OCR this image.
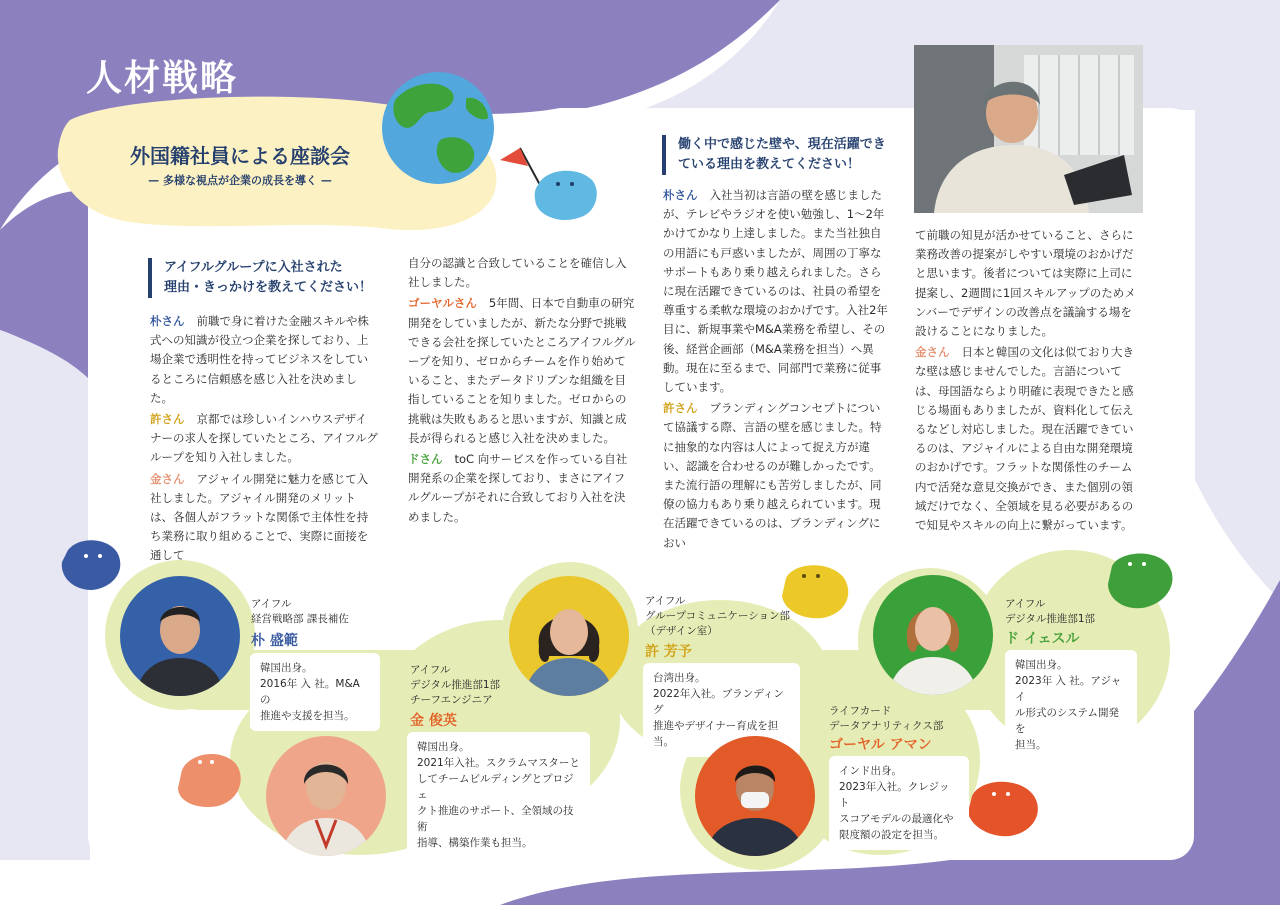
人材戦略
外国籍社員による座談会
— 多様な視点が企業の成長を導く —
アイフルグループに入社された
理由・きっかけを教えてください！

朴さん 前職で身に着けた金融スキルや株式への知識が役立つ企業を探しており、上場企業で透明性を持ってビジネスをしているところに信頼感を感じ入社を決めました。

許さん 京都では珍しいインハウスデザイナーの求人を探していたところ、アイフルグループを知り入社しました。

金さん アジャイル開発に魅力を感じて入社しました。アジャイル開発のメリットは、各個人がフラットな関係で主体性を持ち業務に取り組めることで、実際に面接を通して

自分の認識と合致していることを確信し入社しました。

ゴーヤルさん 5年間、日本で自動車の研究開発をしていましたが、新たな分野で挑戦できる会社を探していたところアイフルグループを知り、ゼロからチームを作り始めていること、またデータドリブンな組織を目指していることを知りました。ゼロからの挑戦は失敗もあると思いますが、知識と成長が得られると感じ入社を決めました。

ドさん toC 向サービスを作っている自社開発系の企業を探しており、まさにアイフルグループがそれに合致しており入社を決めました。

働く中で感じた壁や、現在活躍でき
ている理由を教えてください！

朴さん 入社当初は言語の壁を感じましたが、テレビやラジオを使い勉強し、1～2年かけてかなり上達しました。また当社独自の用語にも戸惑いましたが、周囲の丁寧なサポートもあり乗り越えられました。さらに現在活躍できているのは、社員の希望を尊重する柔軟な環境のおかげです。入社2年目に、新規事業やM&A業務を希望し、その後、経営企画部（M&A業務を担当）へ異動。現在に至るまで、同部門で業務に従事しています。

許さん ブランディングコンセプトについて協議する際、言語の壁を感じました。特に抽象的な内容は人によって捉え方が違い、認識を合わせるのが難しかったです。また流行語の理解にも苦労しましたが、同僚の協力もあり乗り越えられています。現在活躍できているのは、ブランディングにおい

て前職の知見が活かせていること、さらに業務改善の提案がしやすい環境のおかげだと思います。後者については実際に上司に提案し、2週間に1回スキルアップのためメンバーでデザインの改善点を議論する場を設けることになりました。

金さん 日本と韓国の文化は似ており大きな壁は感じませんでした。言語については、母国語ならより明確に表現できたと感じる場面もありましたが、資料化して伝えるなどし対応しました。現在活躍できているのは、アジャイルによる自由な開発環境のおかげです。フラットな関係性のチーム内で活発な意見交換ができ、また個別の領域だけでなく、全領域を見る必要があるので知見やスキルの向上に繋がっています。

アイフル
経営戦略部 課長補佐
朴 盛範
韓国出身。
2016年 入 社。M&Aの
推進や支援を担当。
アイフル
デジタル推進部1部
チーフエンジニア
金 俊英
韓国出身。
2021年入社。スクラムマスターと
してチームビルディングとプロジェ
クト推進のサポート、全領域の技術
指導、構築作業も担当。
アイフル
グループコミュニケーション部
（デザイン室）
許 芳予
台湾出身。
2022年入社。ブランディング
推進やデザイナー育成を担当。
ライフカード
データアナリティクス部
ゴーヤル アマン
インド出身。
2023年入社。クレジット
スコアモデルの最適化や
限度額の設定を担当。
アイフル
デジタル推進部1部
ド イェスル
韓国出身。
2023年 入 社。アジャイ
ル形式のシステム開発を
担当。
